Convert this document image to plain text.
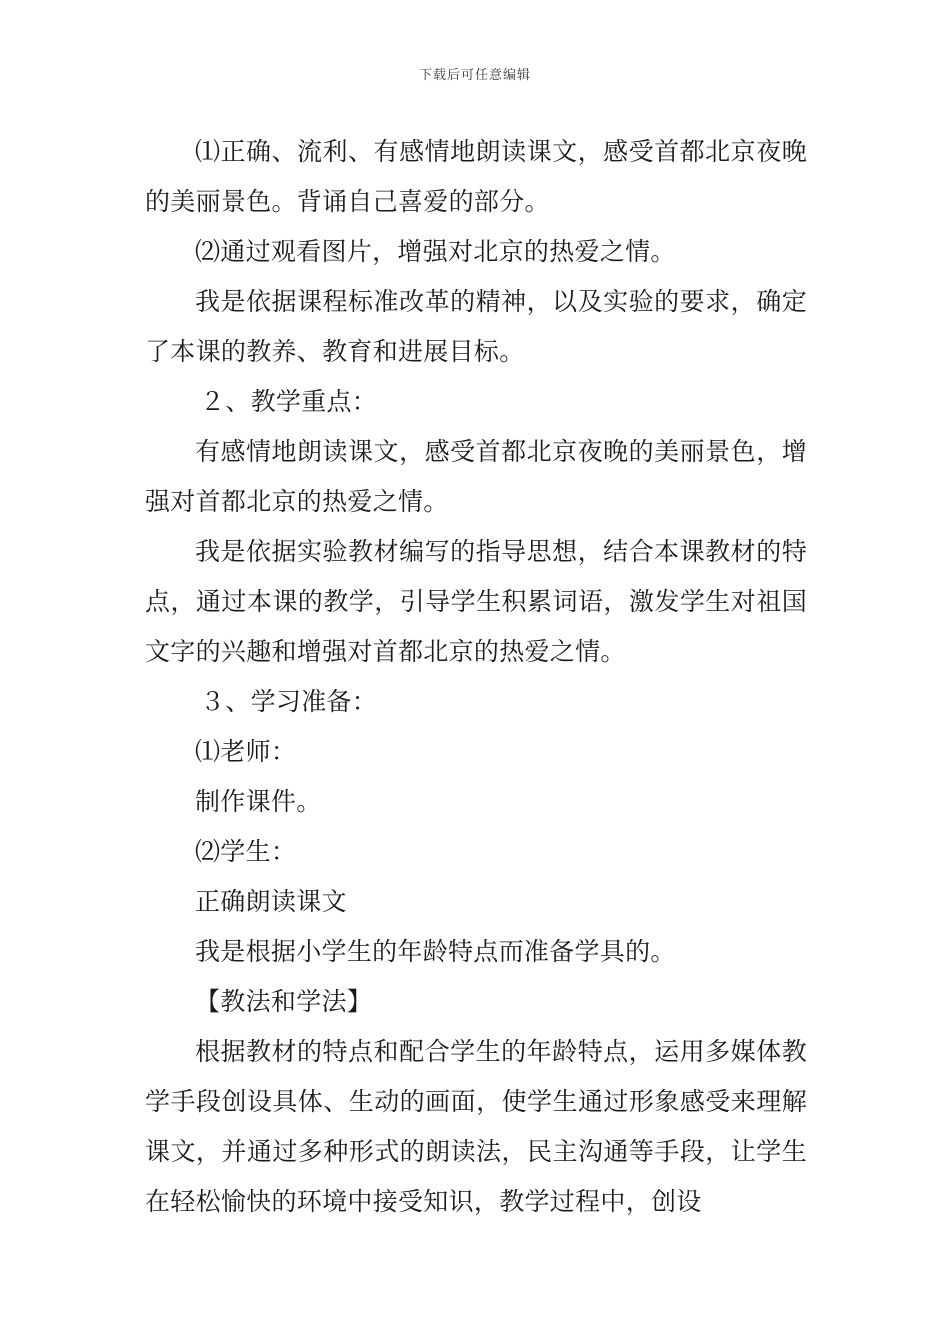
下载后可任意编辑

⑴正确、流利、有感情地朗读课文，感受首都北京夜晚的美丽景色。背诵自己喜爱的部分。

⑵通过观看图片，增强对北京的热爱之情。

我是依据课程标准改革的精神，以及实验的要求，确定了本课的教养、教育和进展目标。

２、教学重点：

有感情地朗读课文，感受首都北京夜晚的美丽景色，增强对首都北京的热爱之情。

我是依据实验教材编写的指导思想，结合本课教材的特点，通过本课的教学，引导学生积累词语，激发学生对祖国文字的兴趣和增强对首都北京的热爱之情。

３、学习准备：

⑴老师：

制作课件。

⑵学生：

正确朗读课文

我是根据小学生的年龄特点而准备学具的。

【教法和学法】

根据教材的特点和配合学生的年龄特点，运用多媒体教学手段创设具体、生动的画面，使学生通过形象感受来理解课文，并通过多种形式的朗读法，民主沟通等手段，让学生在轻松愉快的环境中接受知识，教学过程中，创设
